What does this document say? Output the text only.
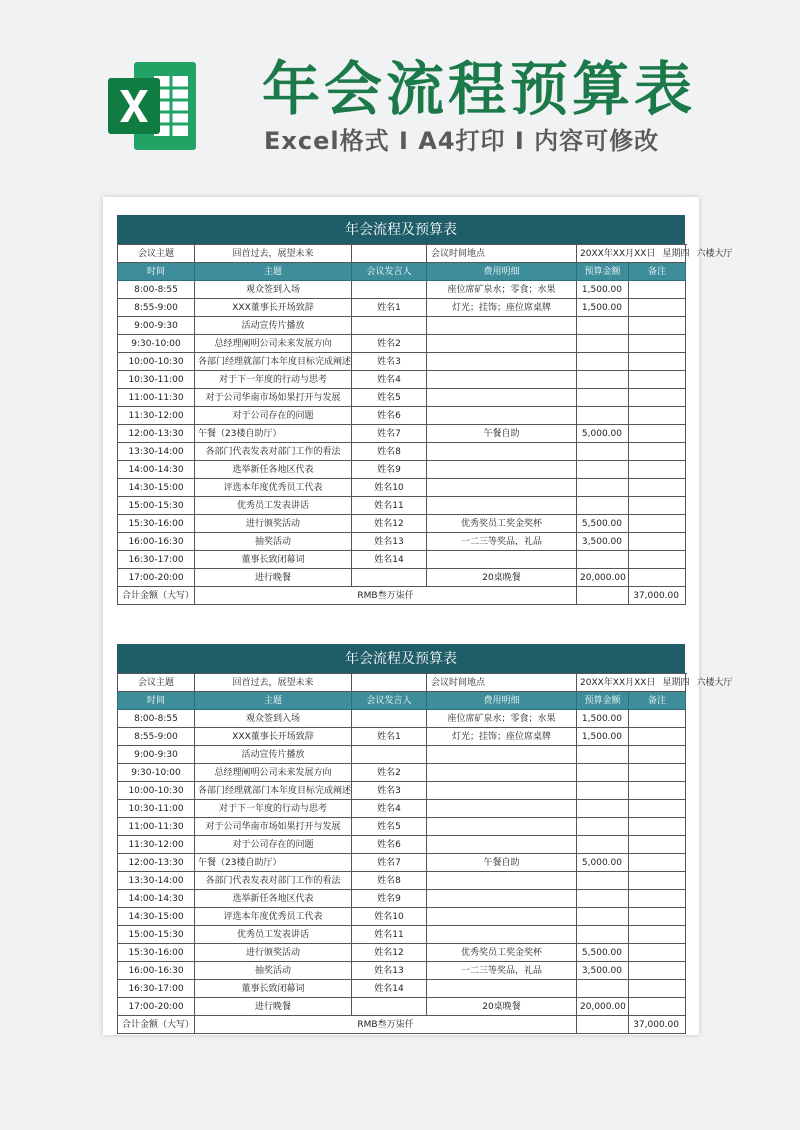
年会流程预算表
Excel格式 I A4打印 I 内容可修改
年会流程及预算表
会议主题	回首过去，展望未来		会议时间地点	20XX年XX月XX日 星期四 六楼大厅	
时间	主题	会议发言人	费用明细	预算金额	备注
8:00-8:55	观众签到入场		座位席矿泉水；零食；水果	1,500.00	
8:55-9:00	XXX董事长开场致辞	姓名1	灯光；挂饰；座位席桌牌	1,500.00	
9:00-9:30	活动宣传片播放				
9:30-10:00	总经理阐明公司未来发展方向	姓名2			
10:00-10:30	各部门经理就部门本年度目标完成阐述	姓名3			
10:30-11:00	对于下一年度的行动与思考	姓名4			
11:00-11:30	对于公司华南市场如果打开与发展	姓名5			
11:30-12:00	对于公司存在的问题	姓名6			
12:00-13:30	午餐（23楼自助厅）	姓名7	午餐自助	5,000.00	
13:30-14:00	各部门代表发表对部门工作的看法	姓名8			
14:00-14:30	选举新任各地区代表	姓名9			
14:30-15:00	评选本年度优秀员工代表	姓名10			
15:00-15:30	优秀员工发表讲话	姓名11			
15:30-16:00	进行颁奖活动	姓名12	优秀奖员工奖金奖杯	5,500.00	
16:00-16:30	抽奖活动	姓名13	一二三等奖品，礼品	3,500.00	
16:30-17:00	董事长致闭幕词	姓名14			
17:00-20:00	进行晚餐		20桌晚餐	20,000.00	
合计金额（大写）	RMB叁万柒仟				37,000.00
年会流程及预算表
会议主题	回首过去，展望未来		会议时间地点	20XX年XX月XX日 星期四 六楼大厅	
时间	主题	会议发言人	费用明细	预算金额	备注
8:00-8:55	观众签到入场		座位席矿泉水；零食；水果	1,500.00	
8:55-9:00	XXX董事长开场致辞	姓名1	灯光；挂饰；座位席桌牌	1,500.00	
9:00-9:30	活动宣传片播放				
9:30-10:00	总经理阐明公司未来发展方向	姓名2			
10:00-10:30	各部门经理就部门本年度目标完成阐述	姓名3			
10:30-11:00	对于下一年度的行动与思考	姓名4			
11:00-11:30	对于公司华南市场如果打开与发展	姓名5			
11:30-12:00	对于公司存在的问题	姓名6			
12:00-13:30	午餐（23楼自助厅）	姓名7	午餐自助	5,000.00	
13:30-14:00	各部门代表发表对部门工作的看法	姓名8			
14:00-14:30	选举新任各地区代表	姓名9			
14:30-15:00	评选本年度优秀员工代表	姓名10			
15:00-15:30	优秀员工发表讲话	姓名11			
15:30-16:00	进行颁奖活动	姓名12	优秀奖员工奖金奖杯	5,500.00	
16:00-16:30	抽奖活动	姓名13	一二三等奖品，礼品	3,500.00	
16:30-17:00	董事长致闭幕词	姓名14			
17:00-20:00	进行晚餐		20桌晚餐	20,000.00	
合计金额（大写）	RMB叁万柒仟				37,000.00
